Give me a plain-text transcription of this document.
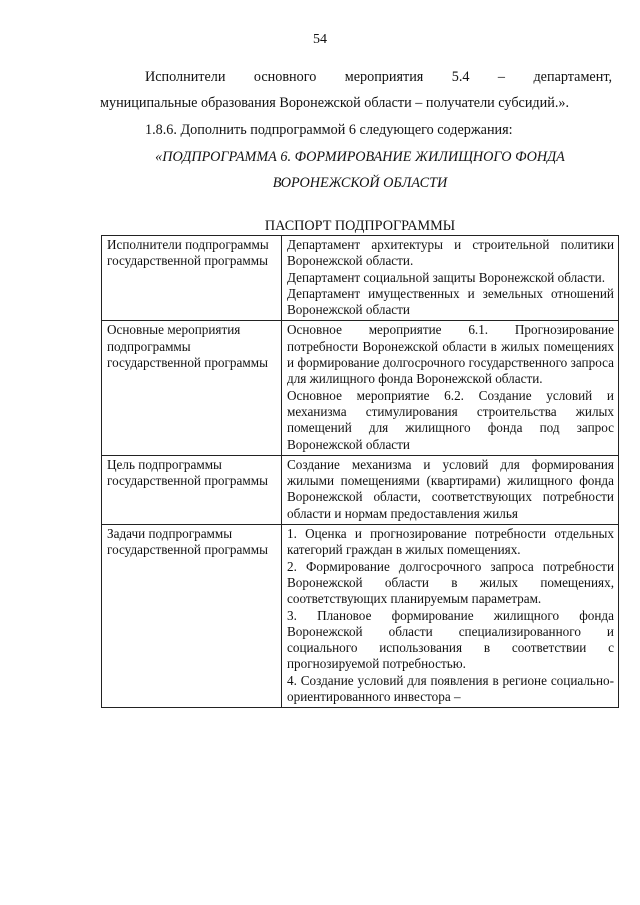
54
Исполнители основного мероприятия 5.4 – департамент,
муниципальные образования Воронежской области – получатели субсидий.».
1.8.6. Дополнить подпрограммой 6 следующего содержания:
«ПОДПРОГРАММА 6. ФОРМИРОВАНИЕ ЖИЛИЩНОГО ФОНДА
ВОРОНЕЖСКОЙ ОБЛАСТИ
ПАСПОРТ ПОДПРОГРАММЫ
Исполнители подпрограммы государственной программы	Департамент архитектуры и строительной политики Воронежской области.

Департамент социальной защиты Воронежской области.

Департамент имущественных и земельных отношений Воронежской области

Основные мероприятия подпрограммы государственной программы	Основное мероприятие 6.1. Прогнозирование потребности Воронежской области в жилых помещениях и формирование долгосрочного государственного запроса для жилищного фонда Воронежской области.

Основное мероприятие 6.2. Создание условий и механизма стимулирования строительства жилых помещений для жилищного фонда под запрос Воронежской области

Цель подпрограммы государственной программы	Создание механизма и условий для формирования жилыми помещениями (квартирами) жилищного фонда Воронежской области, соответствующих потребности области и нормам предоставления жилья

Задачи подпрограммы государственной программы	1. Оценка и прогнозирование потребности отдельных категорий граждан в жилых помещениях.

2. Формирование долгосрочного запроса потребности Воронежской области в жилых помещениях, соответствующих планируемым параметрам.

3. Плановое формирование жилищного фонда Воронежской области специализированного и социального использования в соответствии с прогнозируемой потребностью.

4. Создание условий для появления в регионе социально-ориентированного инвестора –
